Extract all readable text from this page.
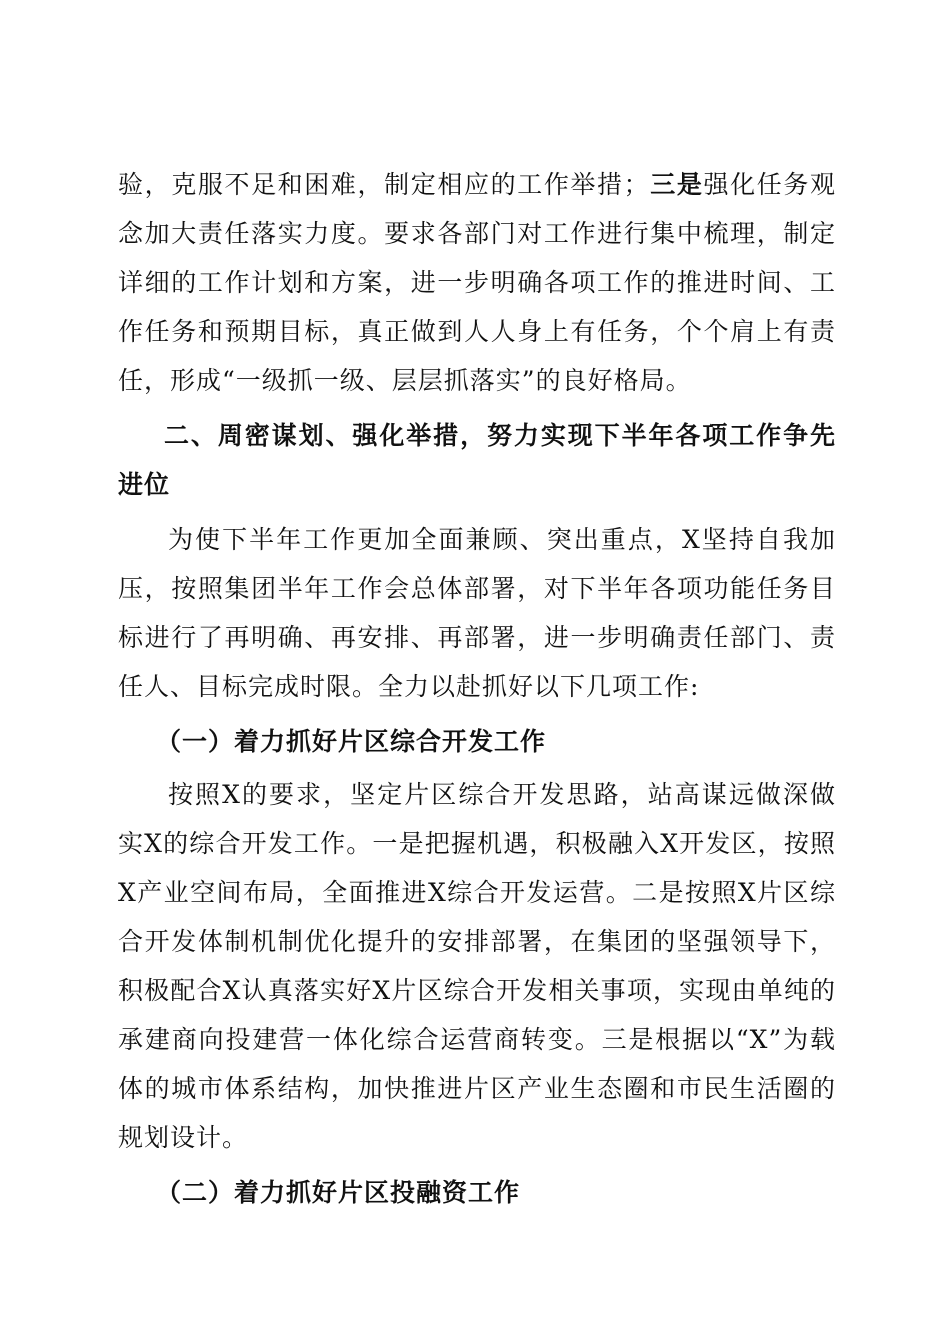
验，克服不足和困难，制定相应的工作举措；三是强化任务观念加大责任落实力度。要求各部门对工作进行集中梳理，制定详细的工作计划和方案，进一步明确各项工作的推进时间、工作任务和预期目标，真正做到人人身上有任务，个个肩上有责任，形成“一级抓一级、层层抓落实”的良好格局。

二、周密谋划、强化举措，努力实现下半年各项工作争先进位

为使下半年工作更加全面兼顾、突出重点，X坚持自我加压，按照集团半年工作会总体部署，对下半年各项功能任务目标进行了再明确、再安排、再部署，进一步明确责任部门、责任人、目标完成时限。全力以赴抓好以下几项工作:

（一）着力抓好片区综合开发工作

按照X的要求，坚定片区综合开发思路，站高谋远做深做实X的综合开发工作。一是把握机遇，积极融入X开发区，按照X产业空间布局，全面推进X综合开发运营。二是按照X片区综合开发体制机制优化提升的安排部署，在集团的坚强领导下，积极配合X认真落实好X片区综合开发相关事项，实现由单纯的承建商向投建营一体化综合运营商转变。三是根据以“X”为载体的城市体系结构，加快推进片区产业生态圈和市民生活圈的规划设计。

（二）着力抓好片区投融资工作
